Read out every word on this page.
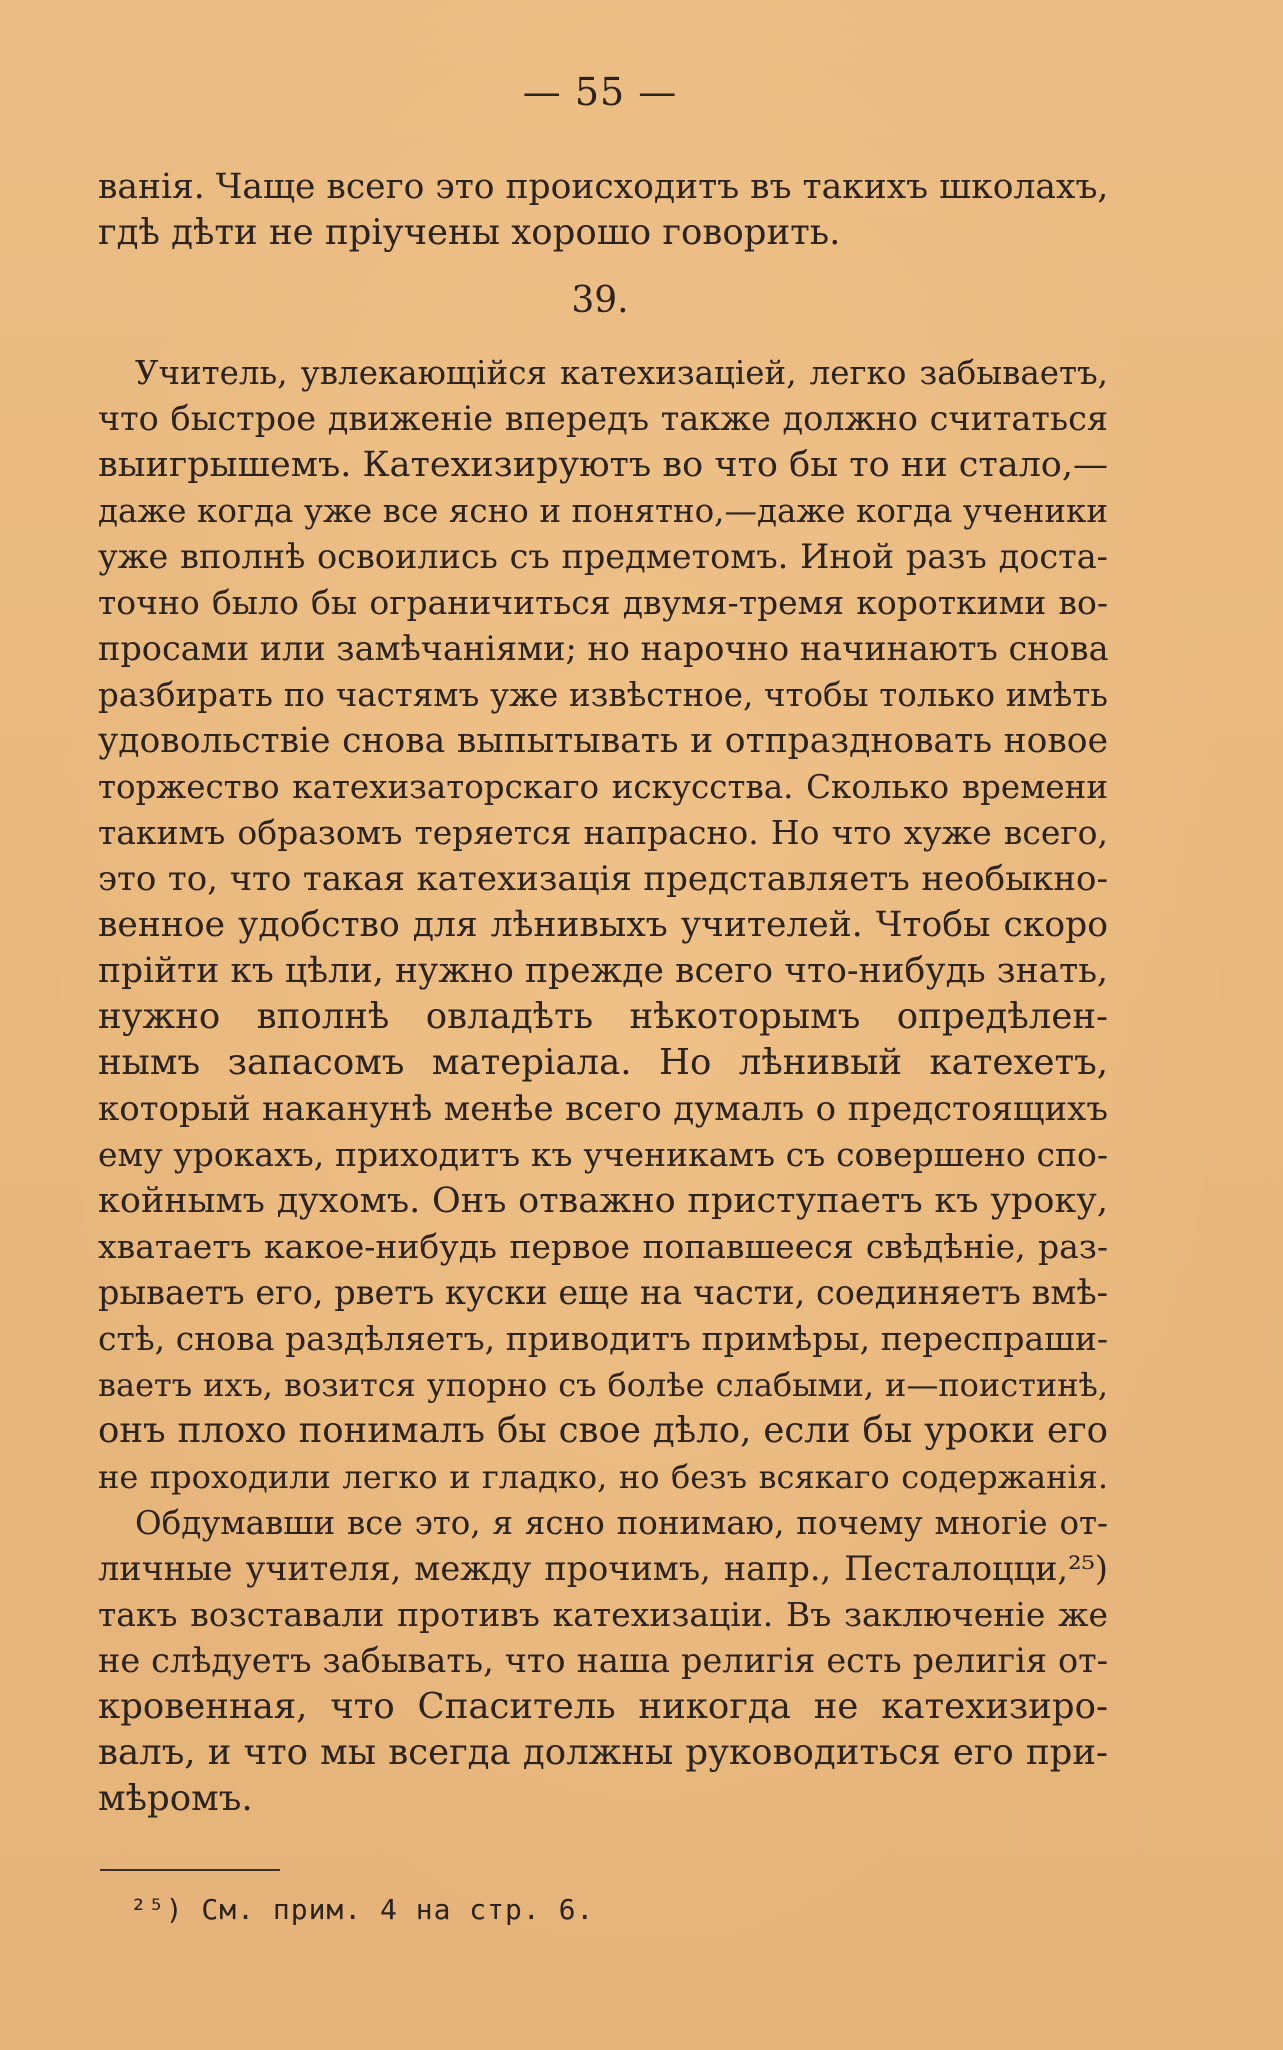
— 55 —
ванія. Чаще всего это происходитъ въ такихъ школахъ,
гдѣ дѣти не пріучены хорошо говорить.
39.
Учитель, увлекающійся катехизаціей, легко забываетъ,
что быстрое движеніе впередъ также должно считаться
выигрышемъ. Катехизируютъ во что бы то ни стало,—
даже когда уже все ясно и понятно,—даже когда ученики
уже вполнѣ освоились съ предметомъ. Иной разъ доста-
точно было бы ограничиться двумя-тремя короткими во-
просами или замѣчаніями; но нарочно начинаютъ снова
разбирать по частямъ уже извѣстное, чтобы только имѣть
удовольствіе снова выпытывать и отпраздновать новое
торжество катехизаторскаго искусства. Сколько времени
такимъ образомъ теряется напрасно. Но что хуже всего,
это то, что такая катехизація представляетъ необыкно-
венное удобство для лѣнивыхъ учителей. Чтобы скоро
прійти къ цѣли, нужно прежде всего что-нибудь знать,
нужно вполнѣ овладѣть нѣкоторымъ опредѣлен-
нымъ запасомъ матеріала. Но лѣнивый катехетъ,
который наканунѣ менѣе всего думалъ о предстоящихъ
ему урокахъ, приходитъ къ ученикамъ съ совершено спо-
койнымъ духомъ. Онъ отважно приступаетъ къ уроку,
хватаетъ какое-нибудь первое попавшееся свѣдѣніе, раз-
рываетъ его, рветъ куски еще на части, соединяетъ вмѣ-
стѣ, снова раздѣляетъ, приводитъ примѣры, переспраши-
ваетъ ихъ, возится упорно съ болѣе слабыми, и—поистинѣ,
онъ плохо понималъ бы свое дѣло, если бы уроки его
не проходили легко и гладко, но безъ всякаго содержанія.
Обдумавши все это, я ясно понимаю, почему многіе от-
личные учителя, между прочимъ, напр., Песталоцци,²⁵)
такъ возставали противъ катехизаціи. Въ заключеніе же
не слѣдуетъ забывать, что наша религія есть религія от-
кровенная, что Спаситель никогда не катехизиро-
валъ, и что мы всегда должны руководиться его при-
мѣромъ.
²⁵) См. прим. 4 на стр. 6.
